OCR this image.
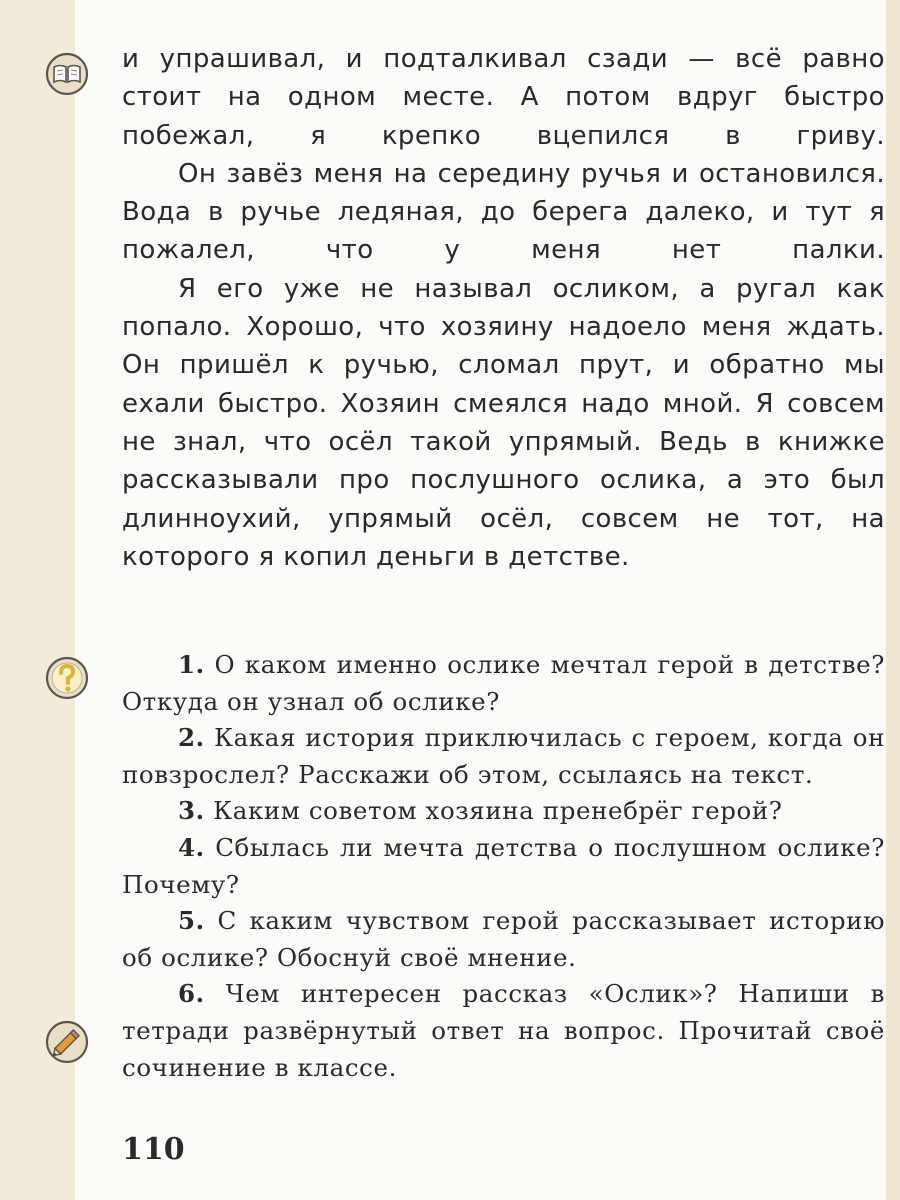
и упрашивал, и подталкивал сзади — всё равно стоит на одном месте. А потом вдруг быстро побежал, я крепко вцепился в гриву.

Он завёз меня на середину ручья и остановился. Вода в ручье ледяная, до берега далеко, и тут я пожалел, что у меня нет палки.

Я его уже не называл осликом, а ругал как попало. Хорошо, что хозяину надоело меня ждать. Он пришёл к ручью, сломал прут, и обратно мы ехали быстро. Хозяин смеялся надо мной. Я совсем не знал, что осёл такой упрямый. Ведь в книжке рассказывали про послушного ослика, а это был длинноухий, упрямый осёл, совсем не тот, на которого я копил деньги в детстве.

1. О каком именно ослике мечтал герой в детстве? Откуда он узнал об ослике?

2. Какая история приключилась с героем, когда он повзрослел? Расскажи об этом, ссылаясь на текст.

3. Каким советом хозяина пренебрёг герой?

4. Сбылась ли мечта детства о послушном ослике? Почему?

5. С каким чувством герой рассказывает историю об ослике? Обоснуй своё мнение.

6. Чем интересен рассказ «Ослик»? Напиши в тетради развёрнутый ответ на вопрос. Прочитай своё сочинение в классе.

110
